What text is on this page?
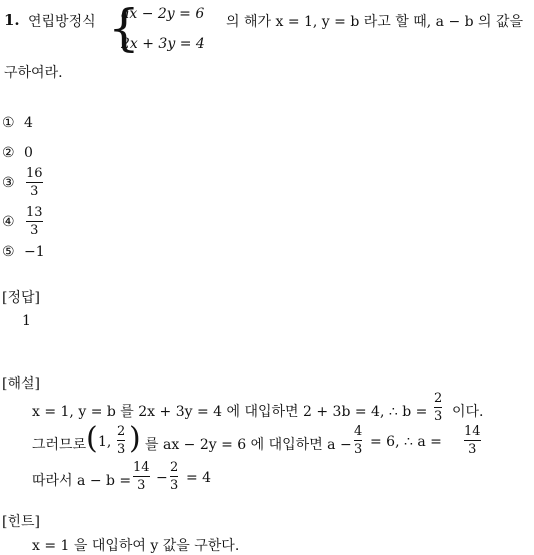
1. 연립방정식 {
ax − 2y = 6
2x + 3y = 4
의 해가 x = 1, y = b 라고 할 때, a − b 의 값을
구하여라.
① 4
② 0
③
16
3
④
13
3
⑤ −1
[정답]
1
[해설]
x = 1, y = b 를 2x + 3y = 4 에 대입하면 2 + 3b = 4, ∴ b =
2
3 이다.
그러므로 ( 1,
2
3 ) 를 ax − 2y = 6 에 대입하면 a −
4
3 = 6, ∴ a =
14
3
따라서 a − b =
14
3 −
2
3 = 4
[힌트]
x = 1 을 대입하여 y 값을 구한다.
